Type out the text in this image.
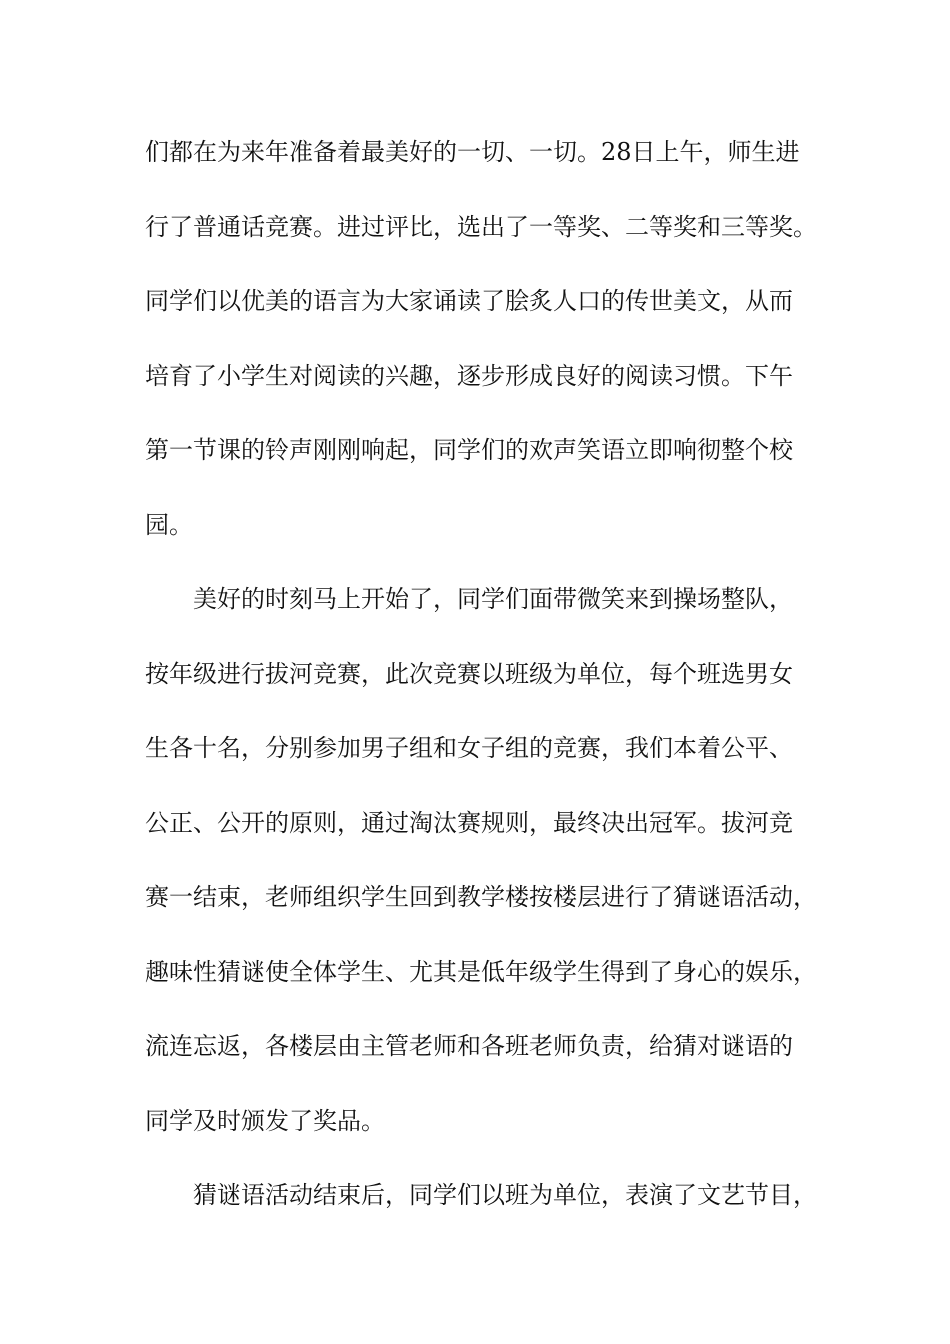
们都在为来年准备着最美好的一切、一切。28日上午，师生进
行了普通话竞赛。进过评比，选出了一等奖、二等奖和三等奖。
同学们以优美的语言为大家诵读了脍炙人口的传世美文，从而
培育了小学生对阅读的兴趣，逐步形成良好的阅读习惯。下午
第一节课的铃声刚刚响起，同学们的欢声笑语立即响彻整个校
园。
美好的时刻马上开始了，同学们面带微笑来到操场整队，
按年级进行拔河竞赛，此次竞赛以班级为单位，每个班选男女
生各十名，分别参加男子组和女子组的竞赛，我们本着公平、
公正、公开的原则，通过淘汰赛规则，最终决出冠军。拔河竞
赛一结束，老师组织学生回到教学楼按楼层进行了猜谜语活动，
趣味性猜谜使全体学生、尤其是低年级学生得到了身心的娱乐，
流连忘返，各楼层由主管老师和各班老师负责，给猜对谜语的
同学及时颁发了奖品。
猜谜语活动结束后，同学们以班为单位，表演了文艺节目，
